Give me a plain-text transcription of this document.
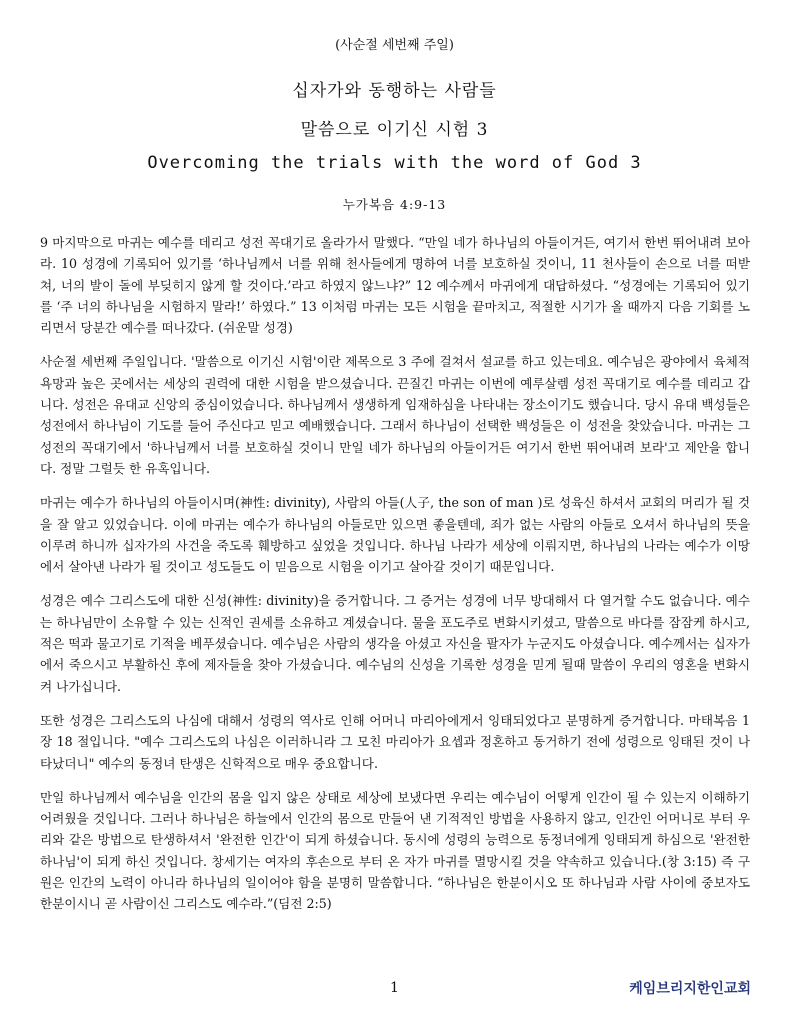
(사순절 세번째 주일)
십자가와 동행하는 사람들
말씀으로 이기신 시험 3
Overcoming the trials with the word of God 3
누가복음 4:9-13

9 마지막으로 마귀는 예수를 데리고 성전 꼭대기로 올라가서 말했다. “만일 네가 하나님의 아들이거든, 여기서 한번 뛰어내려 보아라. 10 성경에 기록되어 있기를 ‘하나님께서 너를 위해 천사들에게 명하여 너를 보호하실 것이니, 11 천사들이 손으로 너를 떠받쳐, 너의 발이 돌에 부딪히지 않게 할 것이다.’라고 하였지 않느냐?” 12 예수께서 마귀에게 대답하셨다. “성경에는 기록되어 있기를 ‘주 너의 하나님을 시험하지 말라!’ 하였다.” 13 이처럼 마귀는 모든 시험을 끝마치고, 적절한 시기가 올 때까지 다음 기회를 노리면서 당분간 예수를 떠나갔다. (쉬운말 성경)

사순절 세번째 주일입니다. '말씀으로 이기신 시험'이란 제목으로 3 주에 걸쳐서 설교를 하고 있는데요. 예수님은 광야에서 육체적 욕망과 높은 곳에서는 세상의 권력에 대한 시험을 받으셨습니다. 끈질긴 마귀는 이번에 예루살렘 성전 꼭대기로 예수를 데리고 갑니다. 성전은 유대교 신앙의 중심이었습니다. 하나님께서 생생하게 임재하심을 나타내는 장소이기도 했습니다. 당시 유대 백성들은 성전에서 하나님이 기도를 들어 주신다고 믿고 예배했습니다. 그래서 하나님이 선택한 백성들은 이 성전을 찾았습니다. 마귀는 그 성전의 꼭대기에서 '하나님께서 너를 보호하실 것이니 만일 네가 하나님의 아들이거든 여기서 한번 뛰어내려 보라'고 제안을 합니다. 정말 그럴듯 한 유혹입니다.

마귀는 예수가 하나님의 아들이시며(神性: divinity), 사람의 아들(人子, the son of man )로 성육신 하셔서 교회의 머리가 될 것을 잘 알고 있었습니다. 이에 마귀는 예수가 하나님의 아들로만 있으면 좋을텐데, 죄가 없는 사람의 아들로 오셔서 하나님의 뜻을 이루려 하니까 십자가의 사건을 죽도록 훼방하고 싶었을 것입니다. 하나님 나라가 세상에 이뤄지면, 하나님의 나라는 예수가 이땅에서 살아낸 나라가 될 것이고 성도들도 이 믿음으로 시험을 이기고 살아갈 것이기 때문입니다.

성경은 예수 그리스도에 대한 신성(神性: divinity)을 증거합니다. 그 증거는 성경에 너무 방대해서 다 열거할 수도 없습니다. 예수는 하나님만이 소유할 수 있는 신적인 권세를 소유하고 계셨습니다. 물을 포도주로 변화시키셨고, 말씀으로 바다를 잠잠케 하시고, 적은 떡과 물고기로 기적을 베푸셨습니다. 예수님은 사람의 생각을 아셨고 자신을 팔자가 누군지도 아셨습니다. 예수께서는 십자가에서 죽으시고 부활하신 후에 제자들을 찾아 가셨습니다. 예수님의 신성을 기록한 성경을 믿게 될때 말씀이 우리의 영혼을 변화시켜 나가십니다.

또한 성경은 그리스도의 나심에 대해서 성령의 역사로 인해 어머니 마리아에게서 잉태되었다고 분명하게 증거합니다. 마태복음 1 장 18 절입니다. "예수 그리스도의 나심은 이러하니라 그 모친 마리아가 요셉과 정혼하고 동거하기 전에 성령으로 잉태된 것이 나타났더니" 예수의 동정녀 탄생은 신학적으로 매우 중요합니다.

만일 하나님께서 예수님을 인간의 몸을 입지 않은 상태로 세상에 보냈다면 우리는 예수님이 어떻게 인간이 될 수 있는지 이해하기 어려웠을 것입니다. 그러나 하나님은 하늘에서 인간의 몸으로 만들어 낸 기적적인 방법을 사용하지 않고, 인간인 어머니로 부터 우리와 같은 방법으로 탄생하셔서 '완전한 인간'이 되게 하셨습니다. 동시에 성령의 능력으로 동정녀에게 잉태되게 하심으로 '완전한 하나님'이 되게 하신 것입니다. 창세기는 여자의 후손으로 부터 온 자가 마귀를 멸망시킬 것을 약속하고 있습니다.(창 3:15) 즉 구원은 인간의 노력이 아니라 하나님의 일이어야 함을 분명히 말씀합니다. “하나님은 한분이시오 또 하나님과 사람 사이에 중보자도 한분이시니 곧 사람이신 그리스도 예수라.”(딤전 2:5)

1	케임브리지한인교회
